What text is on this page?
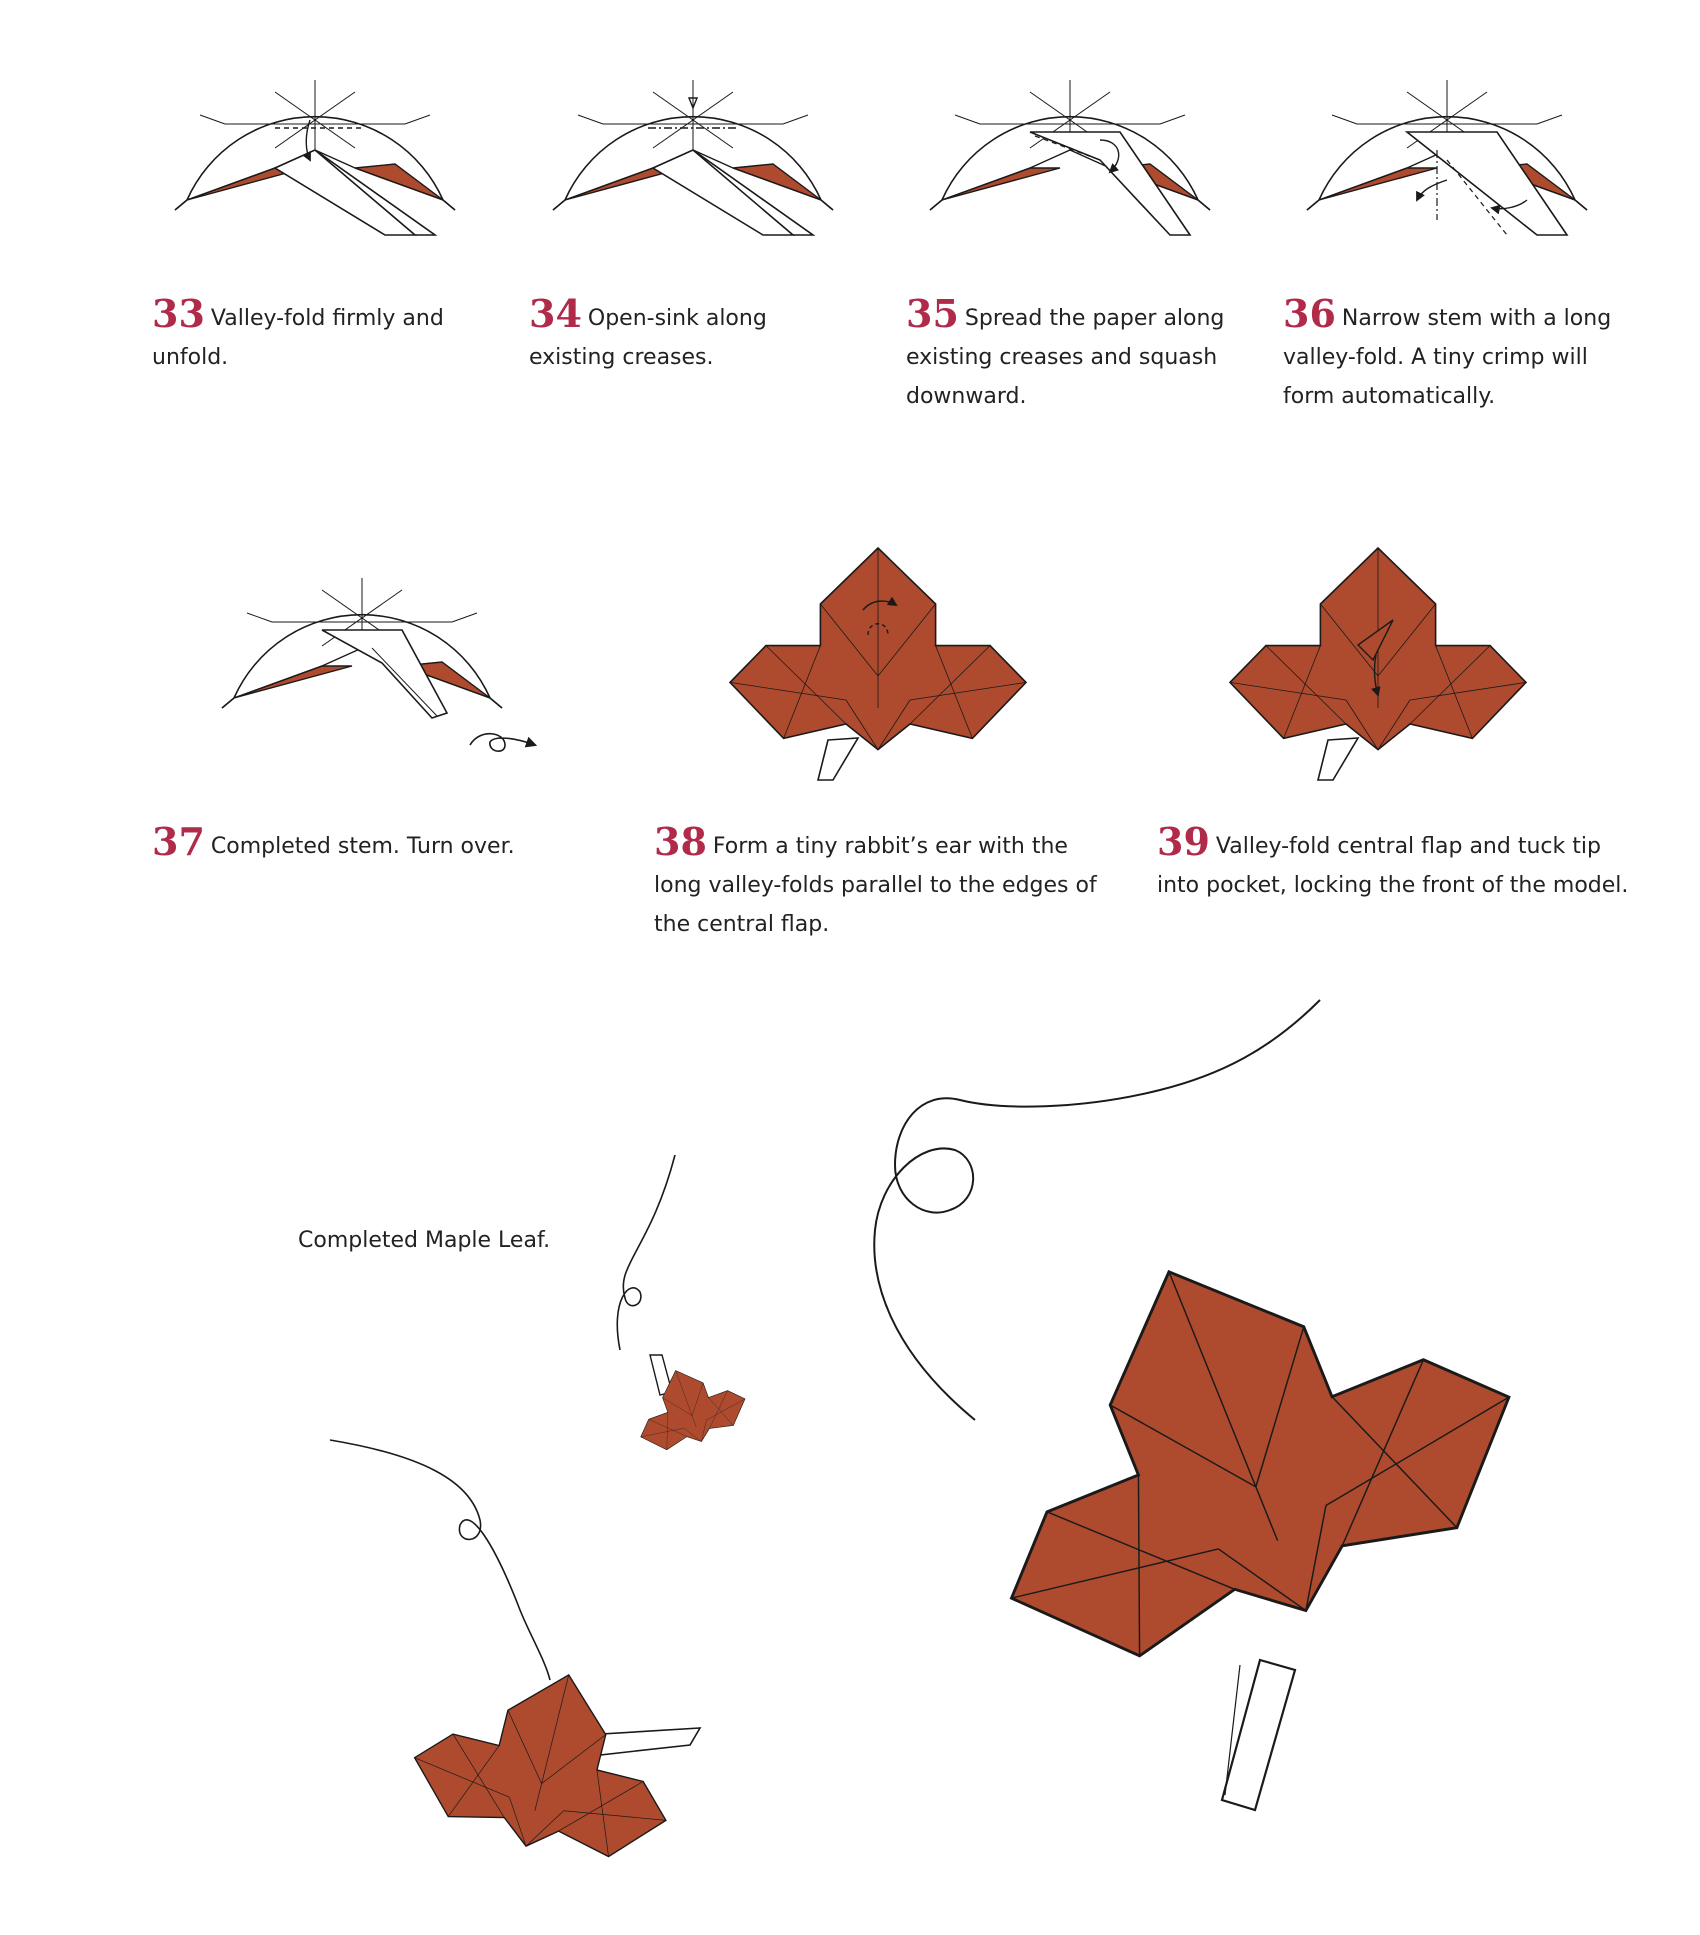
33 Valley-fold firmly and unfold.
34 Open-sink along existing creases.
35 Spread the paper along existing creases and squash downward.
36 Narrow stem with a long valley-fold. A tiny crimp will form automatically.
37 Completed stem. Turn over.	38 Form a tiny rabbit’s ear with the long valley-folds parallel to the edges of the central flap.
39 Valley-fold central flap and tuck tip into pocket, locking the front of the model.
Completed Maple Leaf.
